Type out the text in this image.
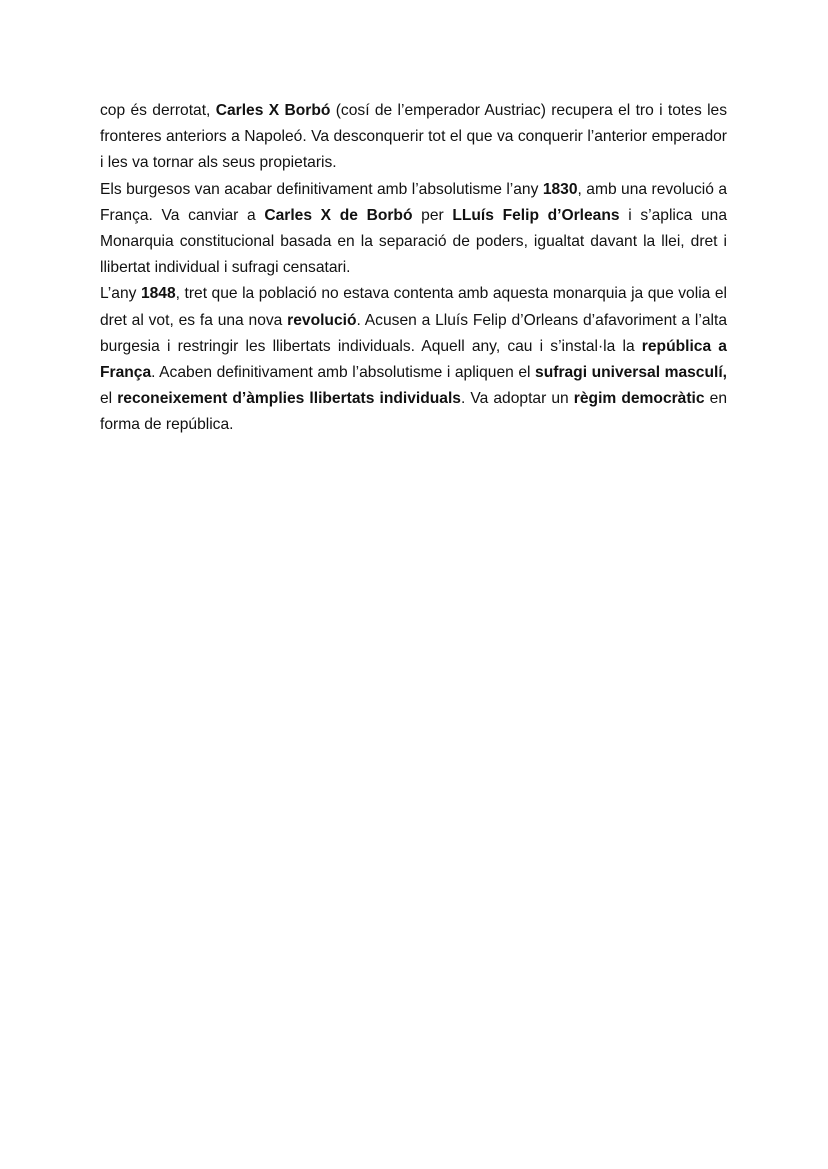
cop és derrotat, Carles X Borbó (cosí de l’emperador Austriac) recupera el tro i totes les fronteres anteriors a Napoleó. Va desconquerir tot el que va conquerir l’anterior emperador i les va tornar als seus propietaris.

Els burgesos van acabar definitivament amb l’absolutisme l’any 1830, amb una revolució a França. Va canviar a Carles X de Borbó per LLuís Felip d’Orleans i s’aplica una Monarquia constitucional basada en la separació de poders, igualtat davant la llei, dret i llibertat individual i sufragi censatari.

L’any 1848, tret que la població no estava contenta amb aquesta monarquia ja que volia el dret al vot, es fa una nova revolució. Acusen a Lluís Felip d’Orleans d’afavoriment a l’alta burgesia i restringir les llibertats individuals. Aquell any, cau i s’instal·la la república a França. Acaben definitivament amb l’absolutisme i apliquen el sufragi universal masculí, el reconeixement d’àmplies llibertats individuals. Va adoptar un règim democràtic en forma de república.
